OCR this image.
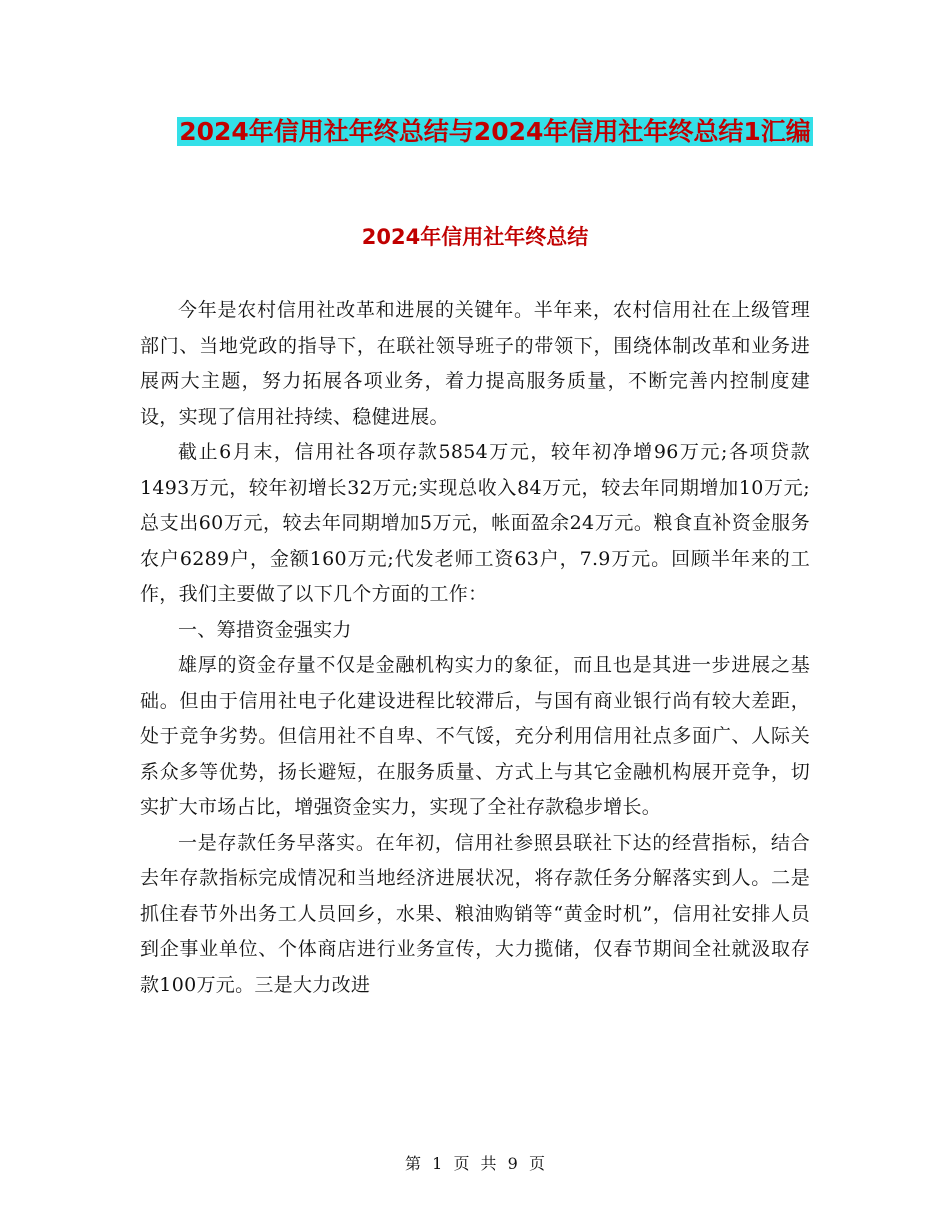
2024年信用社年终总结与2024年信用社年终总结1汇编
2024年信用社年终总结

今年是农村信用社改革和进展的关键年。半年来，农村信用社在上级管理部门、当地党政的指导下，在联社领导班子的带领下，围绕体制改革和业务进展两大主题，努力拓展各项业务，着力提高服务质量，不断完善内控制度建设，实现了信用社持续、稳健进展。

截止6月末，信用社各项存款5854万元，较年初净增96万元;各项贷款1493万元，较年初增长32万元;实现总收入84万元，较去年同期增加10万元;总支出60万元，较去年同期增加5万元，帐面盈余24万元。粮食直补资金服务农户6289户，金额160万元;代发老师工资63户，7.9万元。回顾半年来的工作，我们主要做了以下几个方面的工作：

一、筹措资金强实力

雄厚的资金存量不仅是金融机构实力的象征，而且也是其进一步进展之基础。但由于信用社电子化建设进程比较滞后，与国有商业银行尚有较大差距，处于竞争劣势。但信用社不自卑、不气馁，充分利用信用社点多面广、人际关系众多等优势，扬长避短，在服务质量、方式上与其它金融机构展开竞争，切实扩大市场占比，增强资金实力，实现了全社存款稳步增长。

一是存款任务早落实。在年初，信用社参照县联社下达的经营指标，结合去年存款指标完成情况和当地经济进展状况，将存款任务分解落实到人。二是抓住春节外出务工人员回乡，水果、粮油购销等“黄金时机”，信用社安排人员到企事业单位、个体商店进行业务宣传，大力揽储，仅春节期间全社就汲取存款100万元。三是大力改进

第 1 页 共 9 页
